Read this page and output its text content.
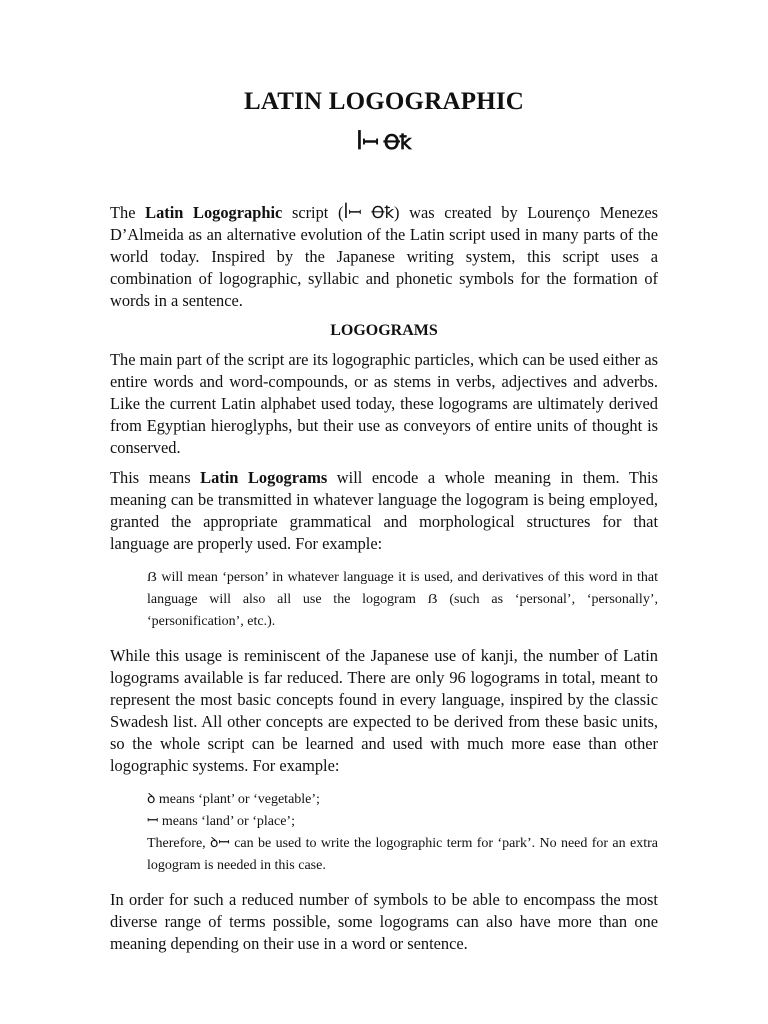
LATIN LOGOGRAPHIC
ꟾꟷ Ꝋꝁ

The Latin Logographic script (ꟾꟷ Ꝋꝁ) was created by Lourenço Menezes D’Almeida as an alternative evolution of the Latin script used in many parts of the world today. Inspired by the Japanese writing system, this script uses a combination of logographic, syllabic and phonetic symbols for the formation of words in a sentence.

LOGOGRAMS

The main part of the script are its logographic particles, which can be used either as entire words and word-compounds, or as stems in verbs, adjectives and adverbs. Like the current Latin alphabet used today, these logograms are ultimately derived from Egyptian hieroglyphs, but their use as conveyors of entire units of thought is conserved.

This means Latin Logograms will encode a whole meaning in them. This meaning can be transmitted in whatever language the logogram is being employed, granted the appropriate grammatical and morphological structures for that language are properly used. For example:

ẞ will mean ‘person’ in whatever language it is used, and derivatives of this word in that language will also all use the logogram ẞ (such as ‘personal’, ‘personally’, ‘personification’, etc.).

While this usage is reminiscent of the Japanese use of kanji, the number of Latin logograms available is far reduced. There are only 96 logograms in total, meant to represent the most basic concepts found in every language, inspired by the classic Swadesh list. All other concepts are expected to be derived from these basic units, so the whole script can be learned and used with much more ease than other logographic systems. For example:

ꝺ means ‘plant’ or ‘vegetable’;
ꟷ means ‘land’ or ‘place’;
Therefore, ꝺꟷ can be used to write the logographic term for ‘park’. No need for an extra logogram is needed in this case.

In order for such a reduced number of symbols to be able to encompass the most diverse range of terms possible, some logograms can also have more than one meaning depending on their use in a word or sentence.
